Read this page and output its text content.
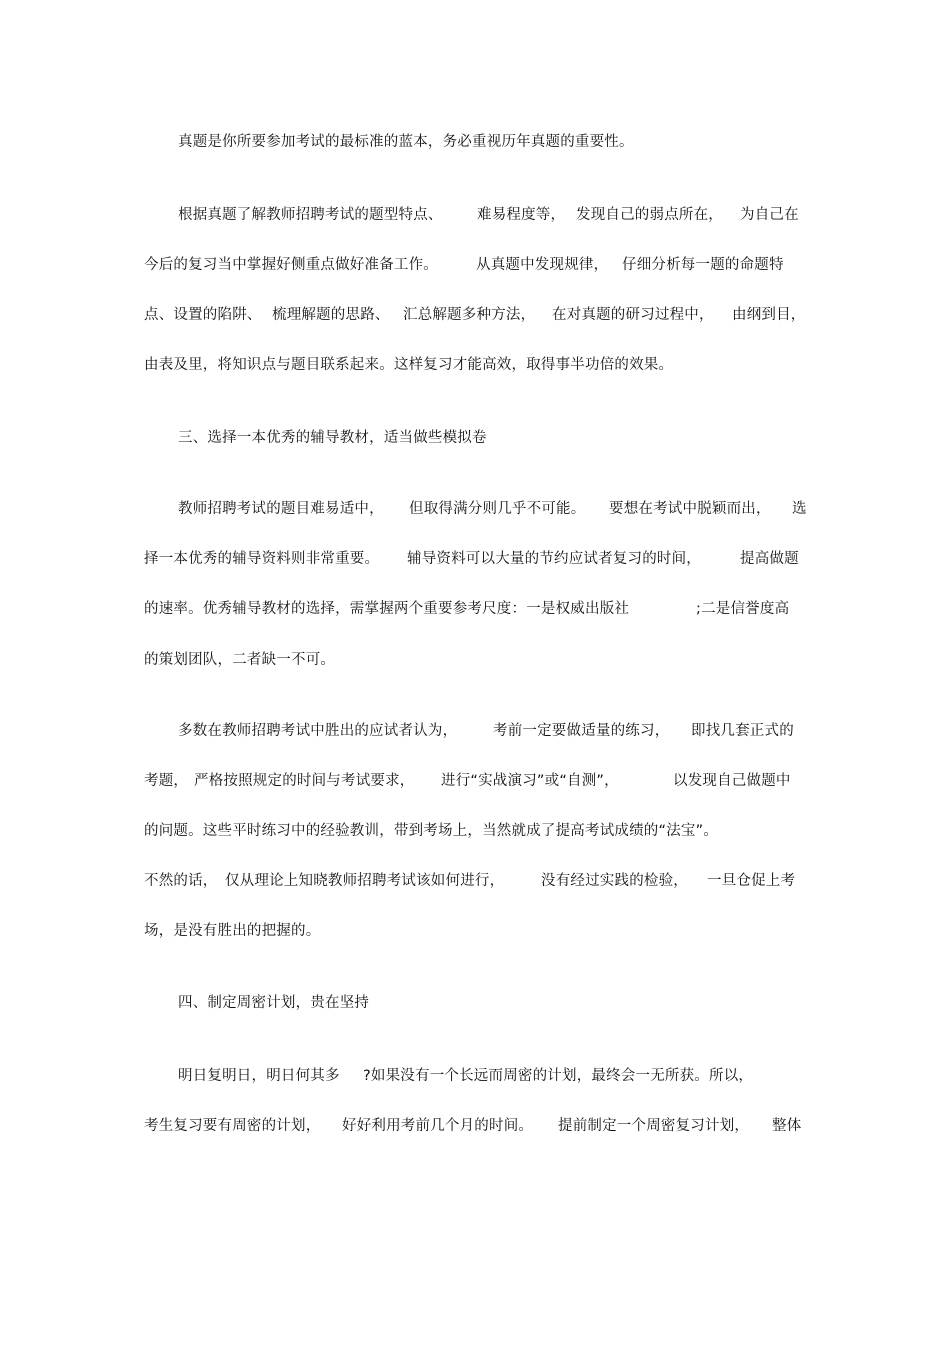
真题是你所要参加考试的最标准的蓝本，务必重视历年真题的重要性。

根据真题了解教师招聘考试的题型特点、

难易程度等，

发现自己的弱点所在，

为自己在

今后的复习当中掌握好侧重点做好准备工作。

	从真题中发现规律，

仔细分析每一题的命题特

点、设置的陷阱、

梳理解题的思路、

汇总解题多种方法，

在对真题的研习过程中，

由纲到目，

由表及里，将知识点与题目联系起来。这样复习才能高效，取得事半功倍的效果。

三、选择一本优秀的辅导教材，适当做些模拟卷

教师招聘考试的题目难易适中，

但取得满分则几乎不可能。

要想在考试中脱颖而出，

选

择一本优秀的辅导资料则非常重要。

辅导资料可以大量的节约应试者复习的时间，

	提高做题

的速率。优秀辅导教材的选择，需掌握两个重要参考尺度：一是权威出版社

	;二是信誉度高

的策划团队，二者缺一不可。

多数在教师招聘考试中胜出的应试者认为，

考前一定要做适量的练习，

即找几套正式的

考题，

严格按照规定的时间与考试要求，

进行“实战演习”或“自测”，

	以发现自己做题中

的问题。这些平时练习中的经验教训，带到考场上，当然就成了提高考试成绩的“法宝”。

不然的话，

仅从理论上知晓教师招聘考试该如何进行，

	没有经过实践的检验，

一旦仓促上考

场，是没有胜出的把握的。

四、制定周密计划，贵在坚持

明日复明日，明日何其多

?如果没有一个长远而周密的计划，最终会一无所获。所以，

考生复习要有周密的计划，

好好利用考前几个月的时间。

提前制定一个周密复习计划，

整体
